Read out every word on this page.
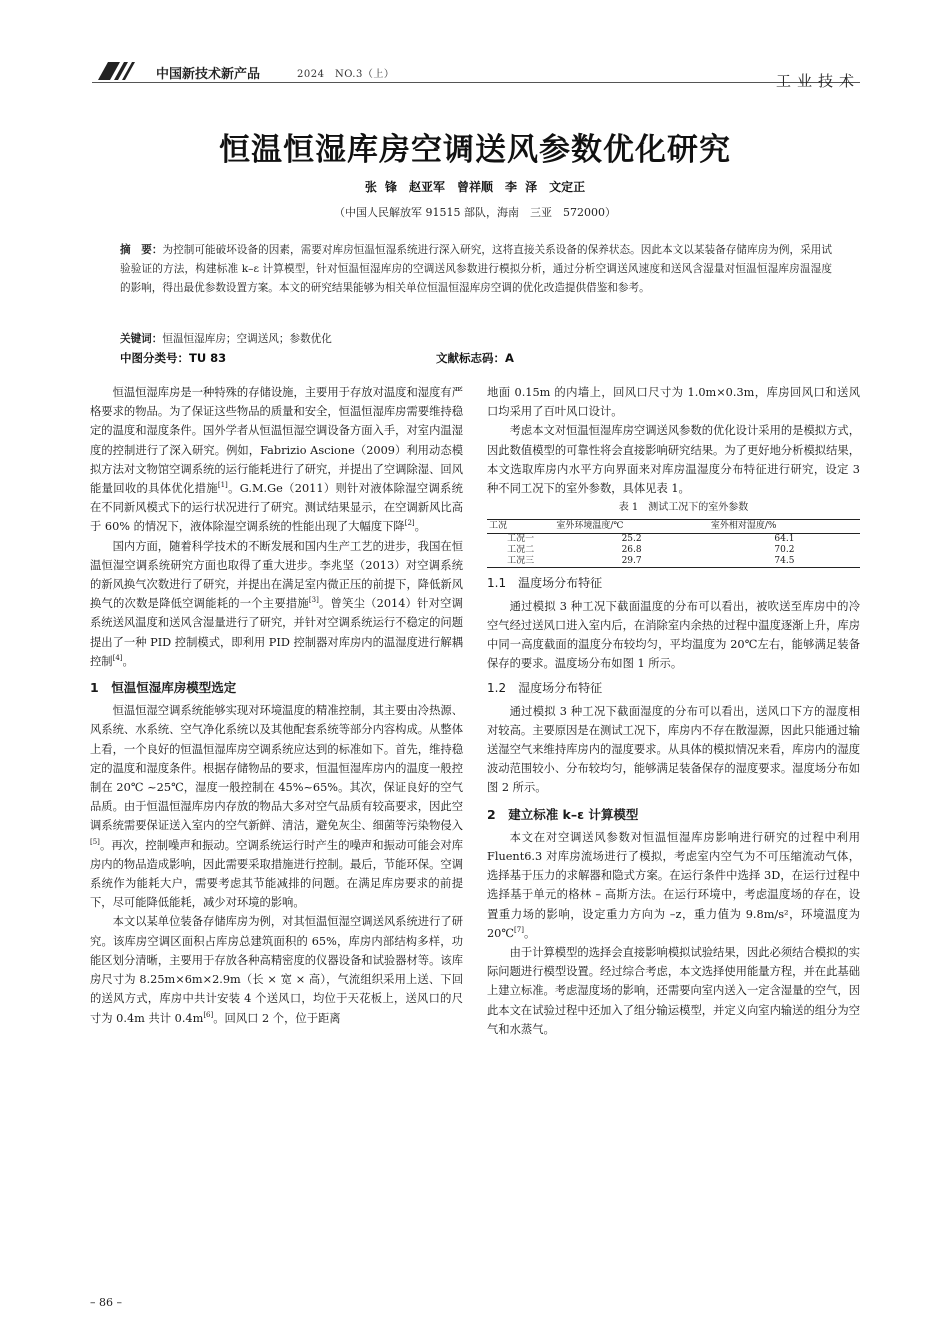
中国新技术新产品	2024　NO.3（上）	工业技术
恒温恒湿库房空调送风参数优化研究
张 锋　赵亚军　曾祥顺　李 泽　文定正
（中国人民解放军 91515 部队，海南　三亚　572000）
摘　要：为控制可能破坏设备的因素，需要对库房恒温恒湿系统进行深入研究，这将直接关系设备的保养状态。因此本文以某装备存储库房为例，采用试验验证的方法，构建标准 k–ε 计算模型，针对恒温恒湿库房的空调送风参数进行模拟分析，通过分析空调送风速度和送风含湿量对恒温恒湿库房温湿度的影响，得出最优参数设置方案。本文的研究结果能够为相关单位恒温恒湿库房空调的优化改造提供借鉴和参考。
关键词：恒温恒湿库房；空调送风；参数优化
中图分类号：TU 83	文献标志码：A

恒温恒湿库房是一种特殊的存储设施，主要用于存放对温度和湿度有严格要求的物品。为了保证这些物品的质量和安全，恒温恒湿库房需要维持稳定的温度和湿度条件。国外学者从恒温恒湿空调设备方面入手，对室内温湿度的控制进行了深入研究。例如，Fabrizio Ascione（2009）利用动态模拟方法对文物馆空调系统的运行能耗进行了研究，并提出了空调除湿、回风能量回收的具体优化措施[1]。G.M.Ge（2011）则针对液体除湿空调系统在不同新风模式下的运行状况进行了研究。测试结果显示，在空调新风比高于 60% 的情况下，液体除湿空调系统的性能出现了大幅度下降[2]。

国内方面，随着科学技术的不断发展和国内生产工艺的进步，我国在恒温恒湿空调系统研究方面也取得了重大进步。李兆坚（2013）对空调系统的新风换气次数进行了研究，并提出在满足室内微正压的前提下，降低新风换气的次数是降低空调能耗的一个主要措施[3]。曾笑尘（2014）针对空调系统送风温度和送风含湿量进行了研究，并针对空调系统运行不稳定的问题提出了一种 PID 控制模式，即利用 PID 控制器对库房内的温湿度进行解耦控制[4]。

1　恒温恒湿库房模型选定

恒温恒湿空调系统能够实现对环境温度的精准控制，其主要由冷热源、风系统、水系统、空气净化系统以及其他配套系统等部分内容构成。从整体上看，一个良好的恒温恒湿库房空调系统应达到的标准如下。首先，维持稳定的温度和湿度条件。根据存储物品的要求，恒温恒湿库房内的温度一般控制在 20℃ ~25℃，湿度一般控制在 45%~65%。其次，保证良好的空气品质。由于恒温恒湿库房内存放的物品大多对空气品质有较高要求，因此空调系统需要保证送入室内的空气新鲜、清洁，避免灰尘、细菌等污染物侵入[5]。再次，控制噪声和振动。空调系统运行时产生的噪声和振动可能会对库房内的物品造成影响，因此需要采取措施进行控制。最后，节能环保。空调系统作为能耗大户，需要考虑其节能减排的问题。在满足库房要求的前提下，尽可能降低能耗，减少对环境的影响。

本文以某单位装备存储库房为例，对其恒温恒湿空调送风系统进行了研究。该库房空调区面积占库房总建筑面积的 65%，库房内部结构多样，功能区划分清晰，主要用于存放各种高精密度的仪器设备和试验器材等。该库房尺寸为 8.25m×6m×2.9m（长 × 宽 × 高），气流组织采用上送、下回的送风方式，库房中共计安装 4 个送风口，均位于天花板上，送风口的尺寸为 0.4m 共计 0.4m[6]。回风口 2 个，位于距离

地面 0.15m 的内墙上，回风口尺寸为 1.0m×0.3m，库房回风口和送风口均采用了百叶风口设计。

考虑本文对恒温恒湿库房空调送风参数的优化设计采用的是模拟方式，因此数值模型的可靠性将会直接影响研究结果。为了更好地分析模拟结果，本文选取库房内水平方向界面来对库房温湿度分布特征进行研究，设定 3 种不同工况下的室外参数，具体见表 1。

表 1　测试工况下的室外参数

工况	室外环境温度/℃	室外相对湿度/%
工况一	25.2	64.1
工况二	26.8	70.2
工况三	29.7	74.5

1.1　温度场分布特征

通过模拟 3 种工况下截面温度的分布可以看出，被吹送至库房中的冷空气经过送风口进入室内后，在消除室内余热的过程中温度逐渐上升，库房中同一高度截面的温度分布较均匀，平均温度为 20℃左右，能够满足装备保存的要求。温度场分布如图 1 所示。

1.2　湿度场分布特征

通过模拟 3 种工况下截面湿度的分布可以看出，送风口下方的湿度相对较高。主要原因是在测试工况下，库房内不存在散湿源，因此只能通过输送湿空气来维持库房内的湿度要求。从具体的模拟情况来看，库房内的湿度波动范围较小、分布较均匀，能够满足装备保存的湿度要求。湿度场分布如图 2 所示。

2　建立标准 k–ε 计算模型

本文在对空调送风参数对恒温恒湿库房影响进行研究的过程中利用 Fluent6.3 对库房流场进行了模拟，考虑室内空气为不可压缩流动气体，选择基于压力的求解器和隐式方案。在运行条件中选择 3D，在运行过程中选择基于单元的格林 – 高斯方法。在运行环境中，考虑温度场的存在，设置重力场的影响，设定重力方向为 –z，重力值为 9.8m/s²，环境温度为 20℃[7]。

由于计算模型的选择会直接影响模拟试验结果，因此必须结合模拟的实际问题进行模型设置。经过综合考虑，本文选择使用能量方程，并在此基础上建立标准。考虑湿度场的影响，还需要向室内送入一定含湿量的空气，因此本文在试验过程中还加入了组分输运模型，并定义向室内输送的组分为空气和水蒸气。

– 86 –
